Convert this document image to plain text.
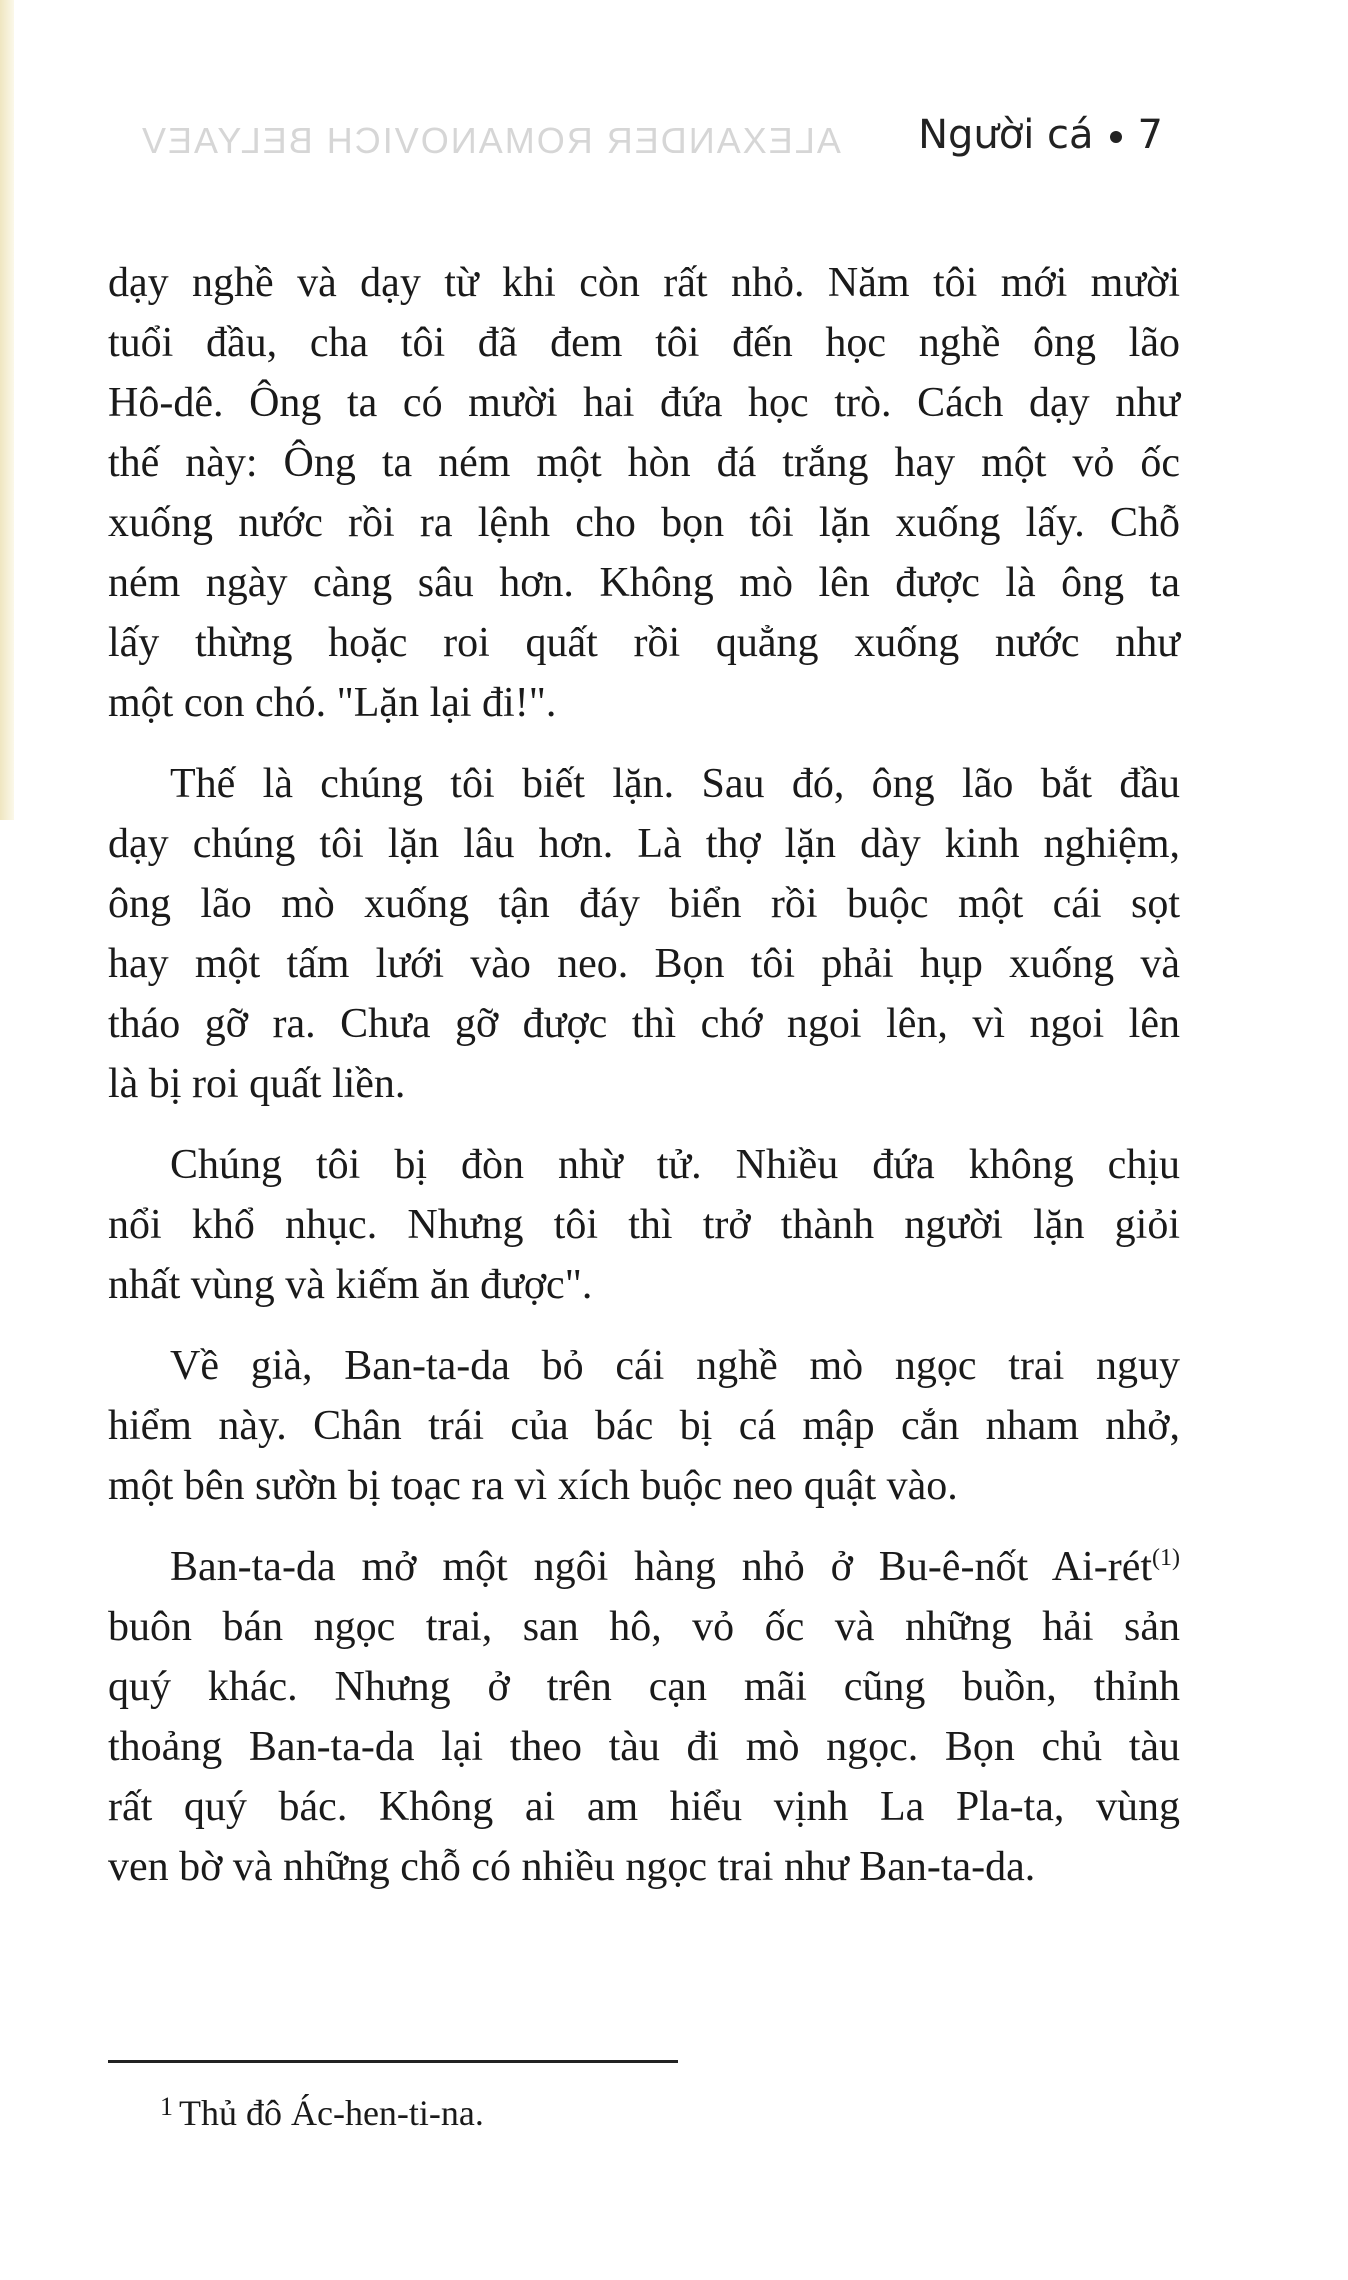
ALEXANDER ROMANOVICH BELYAEV Người cá 7
dạy nghề và dạy từ khi còn rất nhỏ. Năm tôi mới mười
tuổi đầu, cha tôi đã đem tôi đến học nghề ông lão
Hô-dê. Ông ta có mười hai đứa học trò. Cách dạy như
thế này: Ông ta ném một hòn đá trắng hay một vỏ ốc
xuống nước rồi ra lệnh cho bọn tôi lặn xuống lấy. Chỗ
ném ngày càng sâu hơn. Không mò lên được là ông ta
lấy thừng hoặc roi quất rồi quẳng xuống nước như
một con chó. "Lặn lại đi!".
Thế là chúng tôi biết lặn. Sau đó, ông lão bắt đầu
dạy chúng tôi lặn lâu hơn. Là thợ lặn dày kinh nghiệm,
ông lão mò xuống tận đáy biển rồi buộc một cái sọt
hay một tấm lưới vào neo. Bọn tôi phải hụp xuống và
tháo gỡ ra. Chưa gỡ được thì chớ ngoi lên, vì ngoi lên
là bị roi quất liền.
Chúng tôi bị đòn nhừ tử. Nhiều đứa không chịu
nổi khổ nhục. Nhưng tôi thì trở thành người lặn giỏi
nhất vùng và kiếm ăn được".
Về già, Ban-ta-da bỏ cái nghề mò ngọc trai nguy
hiểm này. Chân trái của bác bị cá mập cắn nham nhở,
một bên sườn bị toạc ra vì xích buộc neo quật vào.
Ban-ta-da mở một ngôi hàng nhỏ ở Bu-ê-nốt Ai-rét$^{(1)}$
buôn bán ngọc trai, san hô, vỏ ốc và những hải sản
quý khác. Nhưng ở trên cạn mãi cũng buồn, thỉnh
thoảng Ban-ta-da lại theo tàu đi mò ngọc. Bọn chủ tàu
rất quý bác. Không ai am hiểu vịnh La Pla-ta, vùng
ven bờ và những chỗ có nhiều ngọc trai như Ban-ta-da.
$^1$ Thủ đô Ác-hen-ti-na.
